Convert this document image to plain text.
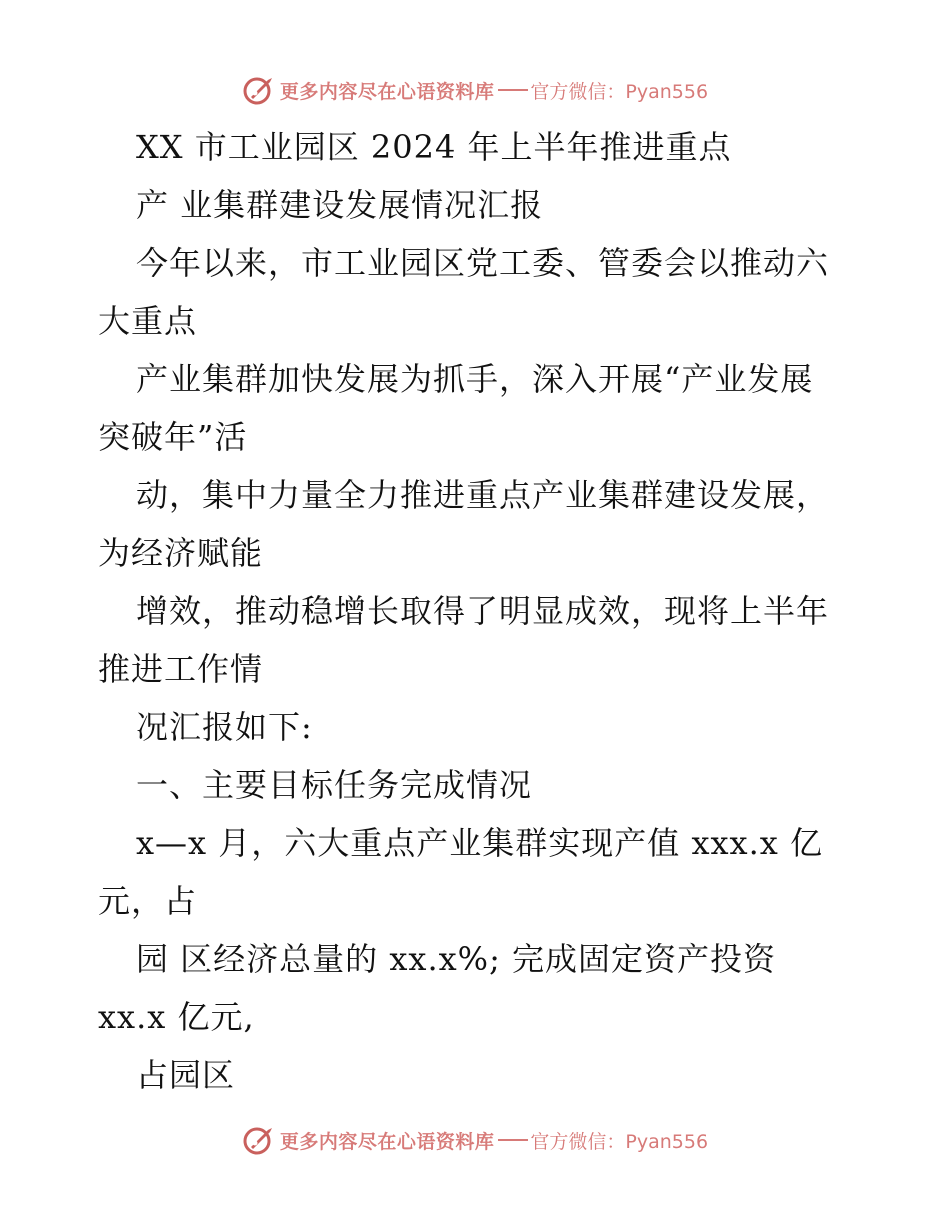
更多内容尽在心语资料库 官方微信：Pyan556
XX 市工业园区 2024 年上半年推进重点
产 业集群建设发展情况汇报
今年以来，市工业园区党工委、管委会以推动六
大重点
产业集群加快发展为抓手，深入开展“产业发展
突破年”活
动，集中力量全力推进重点产业集群建设发展，
为经济赋能
增效，推动稳增长取得了明显成效，现将上半年
推进工作情
况汇报如下:
一、主要目标任务完成情况
x—x 月，六大重点产业集群实现产值 xxx.x 亿
元，占
园 区经济总量的 xx.x%; 完成固定资产投资
xx.x 亿元,
占园区
更多内容尽在心语资料库 官方微信：Pyan556
